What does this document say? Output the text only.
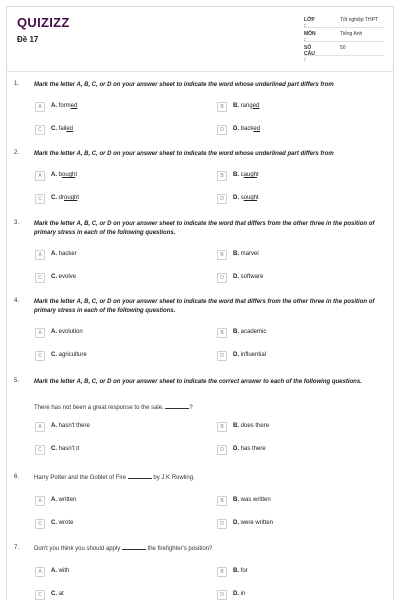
QUIZIZZ
Đề 17
LỚP :
Tốt nghiệp THPT
MÔN :
Tiếng Anh
SỐ CÂU :
50
1. Mark the letter A, B, C, or D on your answer sheet to indicate the word whose underlined part differs from
A	A. formed	B	B. ranged
C	C. failed	D	D. backed
2. Mark the letter A, B, C, or D on your answer sheet to indicate the word whose underlined part differs from
A	A. bought	B	B. caught
C	C. drought	D	D. sought
3. Mark the letter A, B, C, or D on your answer sheet to indicate the word that differs from the other three in the position of primary stress in each of the following questions.
A	A. hacker	B	B. marvel
C	C. evolve	D	D. software
4. Mark the letter A, B, C, or D on your answer sheet to indicate the word that differs from the other three in the position of primary stress in each of the following questions.
A	A. evolution	B	B. academic
C	C. agriculture	D	D. influential
5. Mark the letter A, B, C, or D on your answer sheet to indicate the correct answer to each of the following questions.
There has not been a great response to the sale,	?
A	A. hasn't there	B	B. does there
C	C. hasn't it	D	D. has there
6. Harry Potter and the Goblet of Fire	by J K Rowling.
A	A. written	B	B. was written
C	C. wrote	D	D. were written
7. Don't you think you should apply	the firefighter's position?
A	A. with	B	B. for
C	C. at	D	D. in
